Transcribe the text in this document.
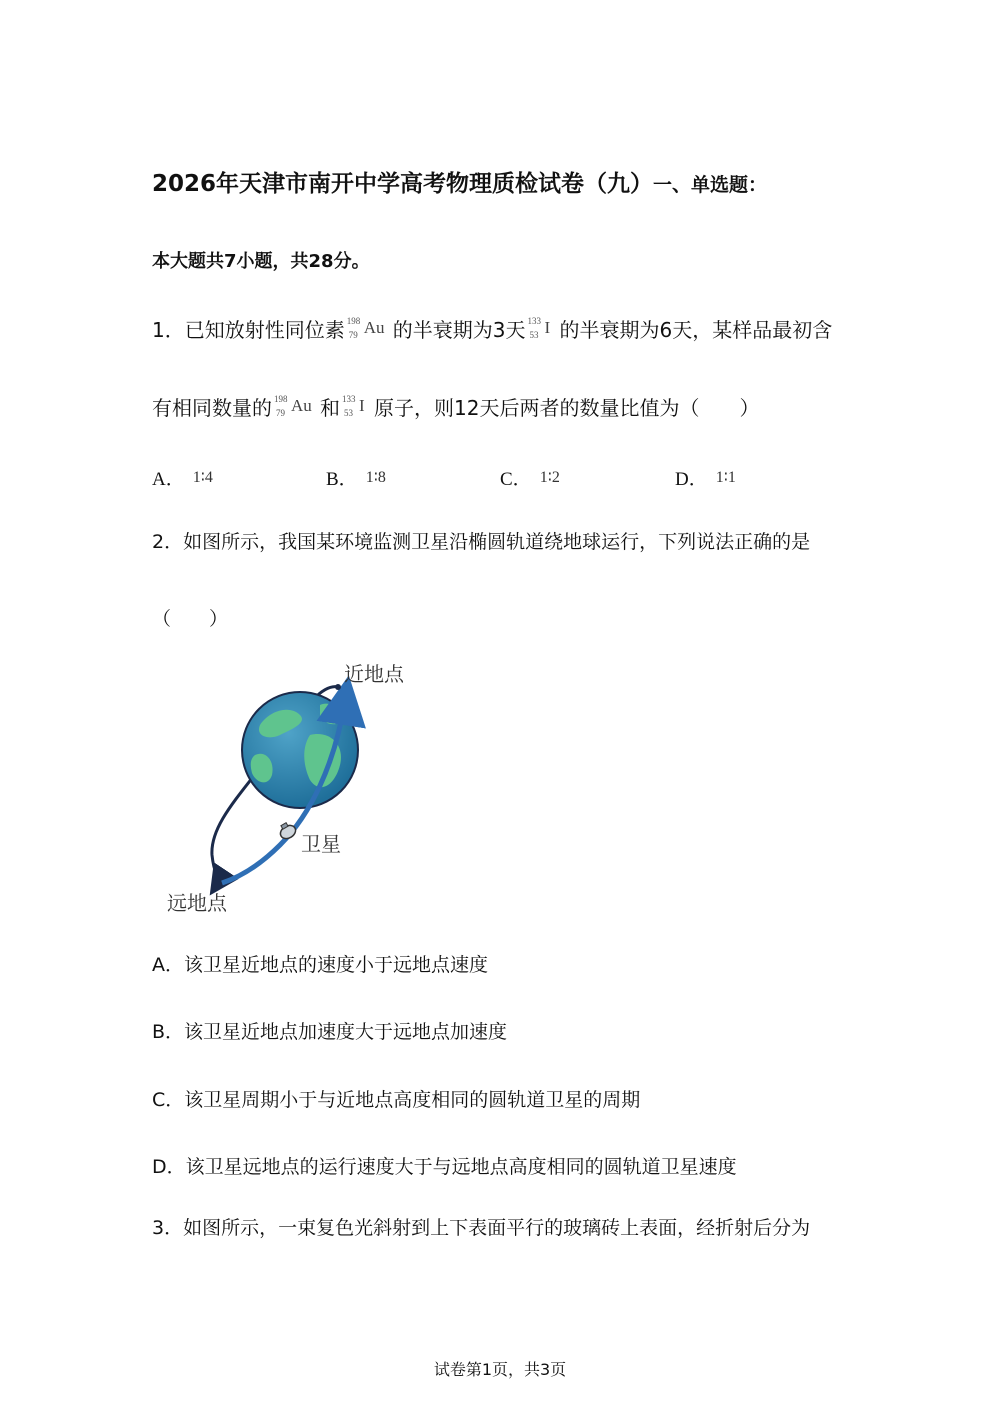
2026年天津市南开中学高考物理质检试卷（九）一、单选题：
本大题共7小题，共28分。
1．已知放射性同位素 198
79 Au 的半衰期为3天 133
53 I 的半衰期为6天，某样品最初含
有相同数量的 198
79 Au 和 133
53 I 原子，则12天后两者的数量比值为（　　）
A． 1∶4	B． 1∶8	C． 1∶2	D． 1∶1
2．如图所示，我国某环境监测卫星沿椭圆轨道绕地球运行，下列说法正确的是
（　　）
近地点
卫星
远地点
A．该卫星近地点的速度小于远地点速度
B．该卫星近地点加速度大于远地点加速度
C．该卫星周期小于与近地点高度相同的圆轨道卫星的周期
D．该卫星远地点的运行速度大于与远地点高度相同的圆轨道卫星速度
3．如图所示，一束复色光斜射到上下表面平行的玻璃砖上表面，经折射后分为
试卷第1页，共3页
